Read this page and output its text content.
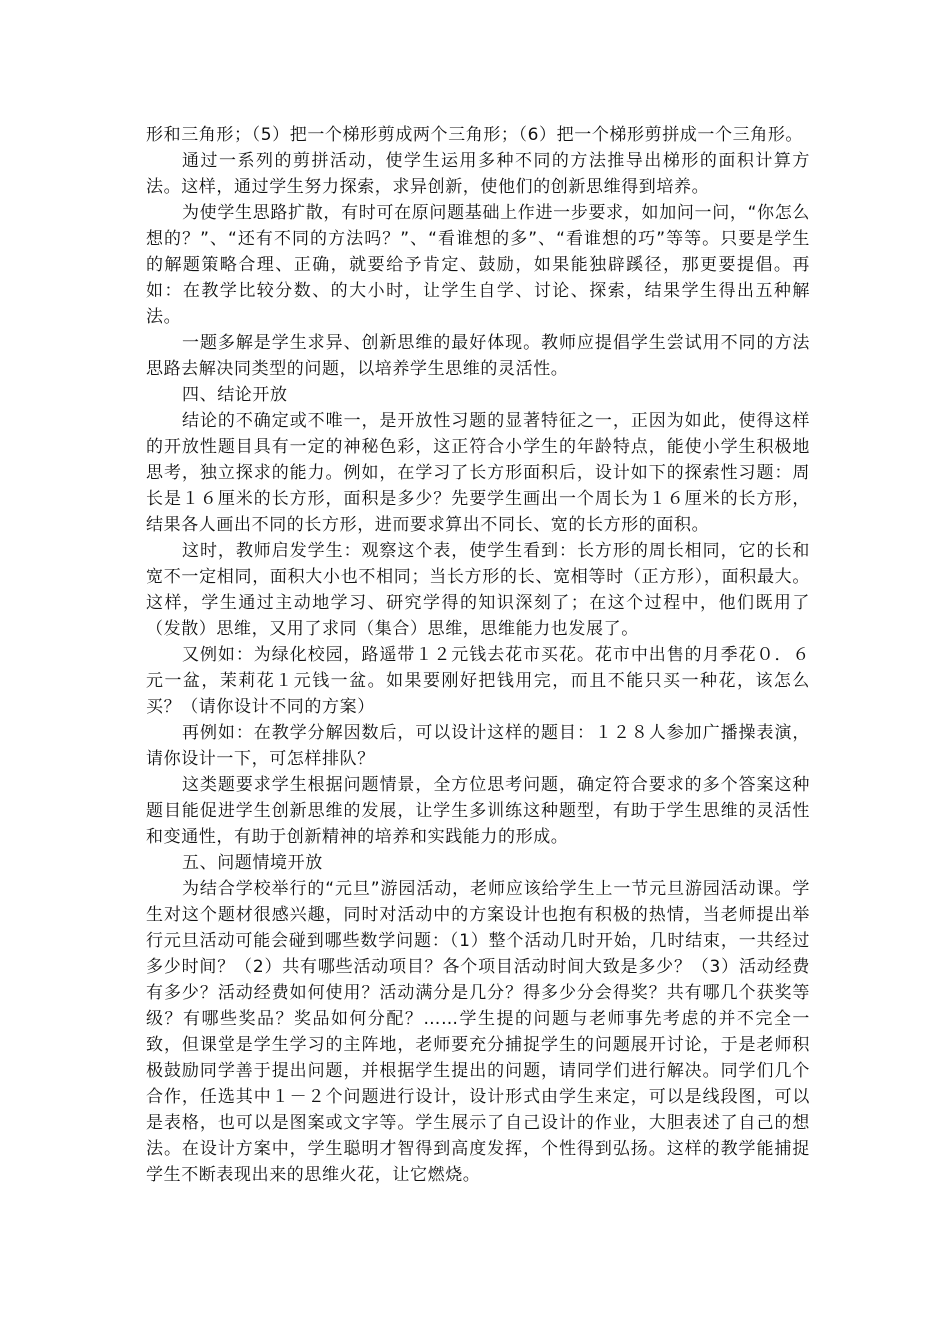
形和三角形；（5）把一个梯形剪成两个三角形；（6）把一个梯形剪拼成一个三角形。

通过一系列的剪拼活动，使学生运用多种不同的方法推导出梯形的面积计算方法。这样，通过学生努力探索，求异创新，使他们的创新思维得到培养。

为使学生思路扩散，有时可在原问题基础上作进一步要求，如加问一问，“你怎么想的？”、“还有不同的方法吗？”、“看谁想的多”、“看谁想的巧”等等。只要是学生的解题策略合理、正确，就要给予肯定、鼓励，如果能独辟蹊径，那更要提倡。再如：在教学比较分数、的大小时，让学生自学、讨论、探索，结果学生得出五种解法。

一题多解是学生求异、创新思维的最好体现。教师应提倡学生尝试用不同的方法思路去解决同类型的问题，以培养学生思维的灵活性。

四、结论开放

结论的不确定或不唯一，是开放性习题的显著特征之一，正因为如此，使得这样的开放性题目具有一定的神秘色彩，这正符合小学生的年龄特点，能使小学生积极地思考，独立探求的能力。例如，在学习了长方形面积后，设计如下的探索性习题：周长是１６厘米的长方形，面积是多少？先要学生画出一个周长为１６厘米的长方形，结果各人画出不同的长方形，进而要求算出不同长、宽的长方形的面积。

这时，教师启发学生：观察这个表，使学生看到：长方形的周长相同，它的长和宽不一定相同，面积大小也不相同；当长方形的长、宽相等时（正方形），面积最大。这样，学生通过主动地学习、研究学得的知识深刻了；在这个过程中，他们既用了（发散）思维，又用了求同（集合）思维，思维能力也发展了。

又例如：为绿化校园，路遥带１２元钱去花市买花。花市中出售的月季花０．６元一盆，茉莉花１元钱一盆。如果要刚好把钱用完，而且不能只买一种花，该怎么买？（请你设计不同的方案）

再例如：在教学分解因数后，可以设计这样的题目：１２８人参加广播操表演，请你设计一下，可怎样排队？

这类题要求学生根据问题情景，全方位思考问题，确定符合要求的多个答案这种题目能促进学生创新思维的发展，让学生多训练这种题型，有助于学生思维的灵活性和变通性，有助于创新精神的培养和实践能力的形成。

五、问题情境开放

为结合学校举行的“元旦”游园活动，老师应该给学生上一节元旦游园活动课。学生对这个题材很感兴趣，同时对活动中的方案设计也抱有积极的热情，当老师提出举行元旦活动可能会碰到哪些数学问题：（1）整个活动几时开始，几时结束，一共经过多少时间？（2）共有哪些活动项目？各个项目活动时间大致是多少？（3）活动经费有多少？活动经费如何使用？活动满分是几分？得多少分会得奖？共有哪几个获奖等级？有哪些奖品？奖品如何分配？……学生提的问题与老师事先考虑的并不完全一致，但课堂是学生学习的主阵地，老师要充分捕捉学生的问题展开讨论，于是老师积极鼓励同学善于提出问题，并根据学生提出的问题，请同学们进行解决。同学们几个合作，任选其中１－２个问题进行设计，设计形式由学生来定，可以是线段图，可以是表格，也可以是图案或文字等。学生展示了自己设计的作业，大胆表述了自己的想法。在设计方案中，学生聪明才智得到高度发挥，个性得到弘扬。这样的教学能捕捉学生不断表现出来的思维火花，让它燃烧。
